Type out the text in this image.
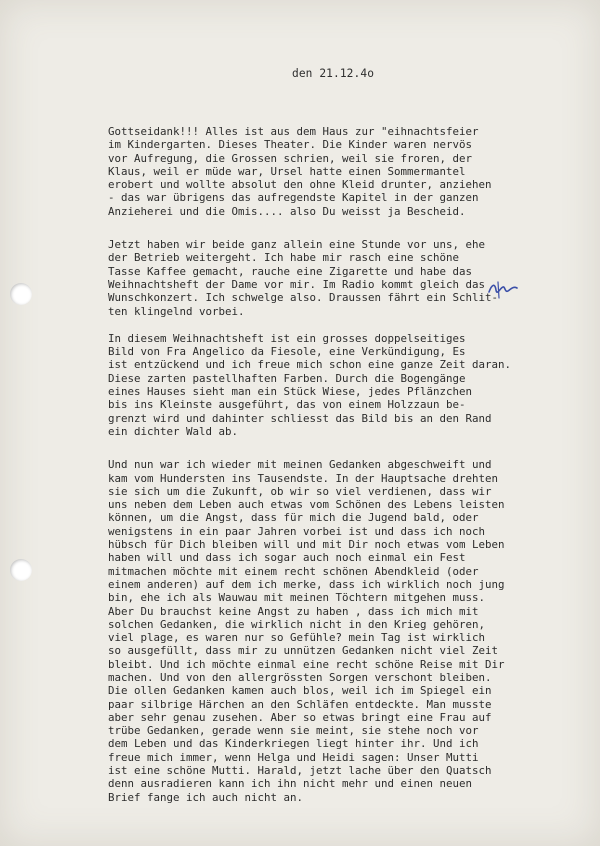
den 21.12.4o
Gottseidank!!! Alles ist aus dem Haus zur "eihnachtsfeier
im Kindergarten. Dieses Theater. Die Kinder waren nervös
vor Aufregung, die Grossen schrien, weil sie froren, der
Klaus, weil er müde war, Ursel hatte einen Sommermantel
erobert und wollte absolut den ohne Kleid drunter, anziehen
- das war übrigens das aufregendste Kapitel in der ganzen
Anzieherei und die Omis.... also Du weisst ja Bescheid.
Jetzt haben wir beide ganz allein eine Stunde vor uns, ehe
der Betrieb weitergeht. Ich habe mir rasch eine schöne
Tasse Kaffee gemacht, rauche eine Zigarette und habe das
Weihnachtsheft der Dame vor mir. Im Radio kommt gleich das
Wunschkonzert. Ich schwelge also. Draussen fährt ein Schlit-
ten klingelnd vorbei.
In diesem Weihnachtsheft ist ein grosses doppelseitiges
Bild von Fra Angelico da Fiesole, eine Verkündigung, Es
ist entzückend und ich freue mich schon eine ganze Zeit daran.
Diese zarten pastellhaften Farben. Durch die Bogengänge
eines Hauses sieht man ein Stück Wiese, jedes Pflänzchen
bis ins Kleinste ausgeführt, das von einem Holzzaun be-
grenzt wird und dahinter schliesst das Bild bis an den Rand
ein dichter Wald ab.
Und nun war ich wieder mit meinen Gedanken abgeschweift und
kam vom Hundersten ins Tausendste. In der Hauptsache drehten
sie sich um die Zukunft, ob wir so viel verdienen, dass wir
uns neben dem Leben auch etwas vom Schönen des Lebens leisten
können, um die Angst, dass für mich die Jugend bald, oder
wenigstens in ein paar Jahren vorbei ist und dass ich noch
hübsch für Dich bleiben will und mit Dir noch etwas vom Leben
haben will und dass ich sogar auch noch einmal ein Fest
mitmachen möchte mit einem recht schönen Abendkleid (oder
einem anderen) auf dem ich merke, dass ich wirklich noch jung
bin, ehe ich als Wauwau mit meinen Töchtern mitgehen muss.
Aber Du brauchst keine Angst zu haben , dass ich mich mit
solchen Gedanken, die wirklich nicht in den Krieg gehören,
viel plage, es waren nur so Gefühle? mein Tag ist wirklich
so ausgefüllt, dass mir zu unnützen Gedanken nicht viel Zeit
bleibt. Und ich möchte einmal eine recht schöne Reise mit Dir
machen. Und von den allergrössten Sorgen verschont bleiben.
Die ollen Gedanken kamen auch blos, weil ich im Spiegel ein
paar silbrige Härchen an den Schläfen entdeckte. Man musste
aber sehr genau zusehen. Aber so etwas bringt eine Frau auf
trübe Gedanken, gerade wenn sie meint, sie stehe noch vor
dem Leben und das Kinderkriegen liegt hinter ihr. Und ich
freue mich immer, wenn Helga und Heidi sagen: Unser Mutti
ist eine schöne Mutti. Harald, jetzt lache über den Quatsch
denn ausradieren kann ich ihn nicht mehr und einen neuen
Brief fange ich auch nicht an.
